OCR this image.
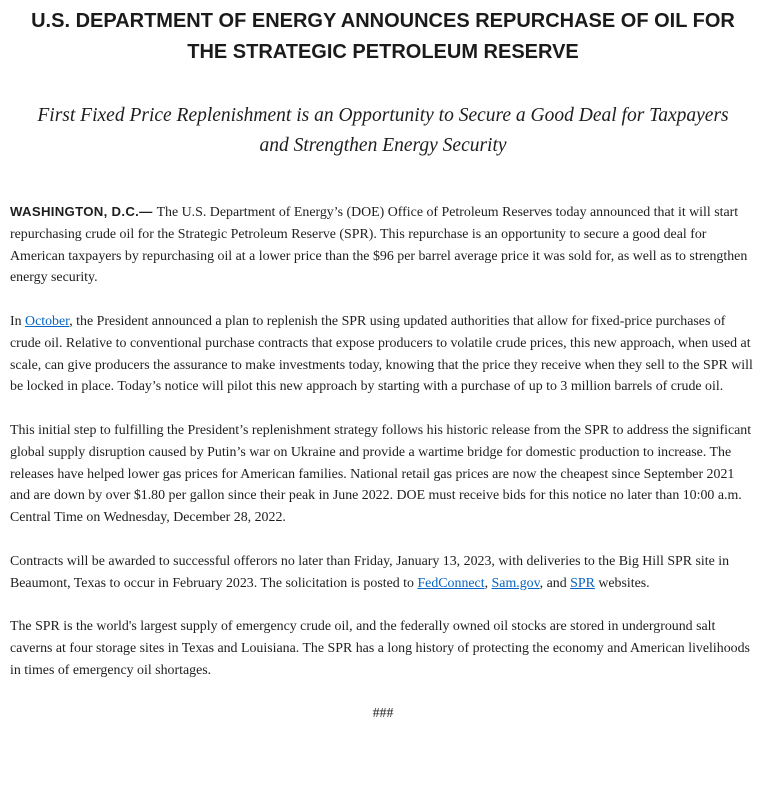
U.S. DEPARTMENT OF ENERGY ANNOUNCES REPURCHASE OF OIL FOR
THE STRATEGIC PETROLEUM RESERVE
First Fixed Price Replenishment is an Opportunity to Secure a Good Deal for Taxpayers
and Strengthen Energy Security

WASHINGTON, D.C.— The U.S. Department of Energy’s (DOE) Office of Petroleum Reserves today announced that it will start repurchasing crude oil for the Strategic Petroleum Reserve (SPR). This repurchase is an opportunity to secure a good deal for American taxpayers by repurchasing oil at a lower price than the $96 per barrel average price it was sold for, as well as to strengthen energy security.

In October, the President announced a plan to replenish the SPR using updated authorities that allow for fixed-price purchases of crude oil. Relative to conventional purchase contracts that expose producers to volatile crude prices, this new approach, when used at scale, can give producers the assurance to make investments today, knowing that the price they receive when they sell to the SPR will be locked in place. Today’s notice will pilot this new approach by starting with a purchase of up to 3 million barrels of crude oil.

This initial step to fulfilling the President’s replenishment strategy follows his historic release from the SPR to address the significant global supply disruption caused by Putin’s war on Ukraine and provide a wartime bridge for domestic production to increase. The releases have helped lower gas prices for American families. National retail gas prices are now the cheapest since September 2021 and are down by over $1.80 per gallon since their peak in June 2022. DOE must receive bids for this notice no later than 10:00 a.m. Central Time on Wednesday, December 28, 2022.

Contracts will be awarded to successful offerors no later than Friday, January 13, 2023, with deliveries to the Big Hill SPR site in Beaumont, Texas to occur in February 2023. The solicitation is posted to FedConnect, Sam.gov, and SPR websites.

The SPR is the world's largest supply of emergency crude oil, and the federally owned oil stocks are stored in underground salt caverns at four storage sites in Texas and Louisiana. The SPR has a long history of protecting the economy and American livelihoods in times of emergency oil shortages.

###
